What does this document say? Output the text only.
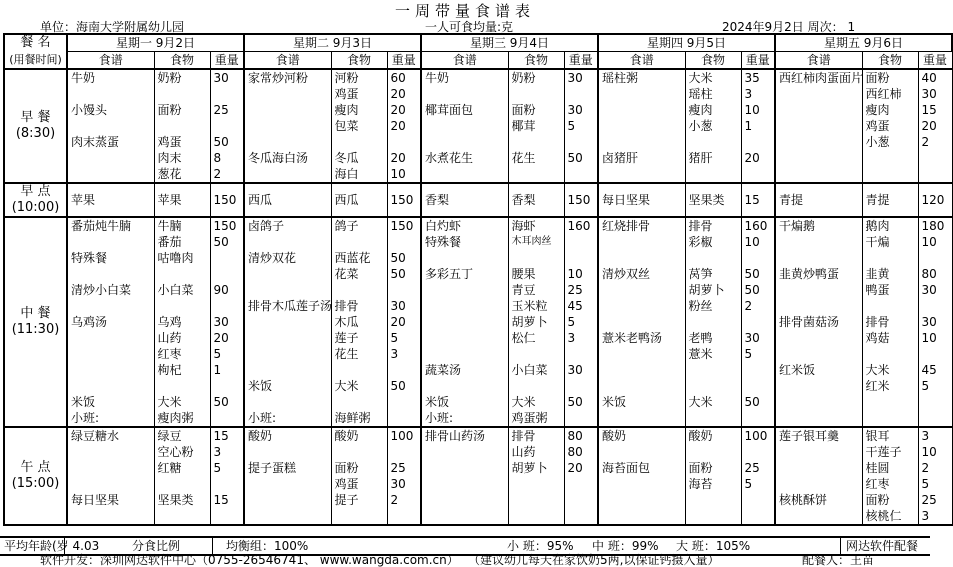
一周带量食谱表
单位：海南大学附属幼儿园	一人可食均量:克	2024年9月2日 周次： 1
餐 名	星期一 9月2日			星期二 9月3日			星期三 9月4日			星期四 9月5日			星期五 9月6日		
(用餐时间)	食谱	食物	重量	食谱	食物	重量	食谱	食物	重量	食谱	食物	重量	食谱	食物	重量

早 餐
(8:30)	牛奶	奶粉	30	家常炒河粉	河粉	60	牛奶	奶粉	30	瑶柱粥	大米	35	西红柿肉蛋面片	面粉	40
					鸡蛋	20					瑶柱	3		西红柿	30
	小馒头	面粉	25		瘦肉	20	椰茸面包	面粉	30		瘦肉	10		瘦肉	15
					包菜	20		椰茸	5		小葱	1		鸡蛋	20
	肉末蒸蛋	鸡蛋	50											小葱	2
		肉末	8	冬瓜海白汤	冬瓜	20	水煮花生	花生	50	卤猪肝	猪肝	20			
		葱花	2		海白	10									

早 点
(10:00)	苹果	苹果	150	西瓜	西瓜	150	香梨	香梨	150	每日坚果	坚果类	15	青提	青提	120

中 餐
(11:30)	番茄炖牛腩	牛腩	150	卤鸽子	鸽子	150	白灼虾	海虾	160	红烧排骨	排骨	160	干煸鹅	鹅肉	180
		番茄	50				特殊餐	木耳肉丝			彩椒	10		干煸	10
	特殊餐	咕噜肉		清炒双花	西蓝花	50									
					花菜	50	多彩五丁	腰果	10	清炒双丝	莴笋	50	韭黄炒鸭蛋	韭黄	80
	清炒小白菜	小白菜	90					青豆	25		胡萝卜	50		鸭蛋	30
				排骨木瓜莲子汤	排骨	30		玉米粒	45		粉丝	2			
	乌鸡汤	乌鸡	30		木瓜	20		胡萝卜	5				排骨菌菇汤	排骨	30
		山药	20		莲子	5		松仁	3	薏米老鸭汤	老鸭	30		鸡菇	10
		红枣	5		花生	3					薏米	5			
		枸杞	1				蔬菜汤	小白菜	30				红米饭	大米	45
				米饭	大米	50								红米	5
	米饭	大米	50				米饭	大米	50	米饭	大米	50			
	小班:	瘦肉粥		小班:	海鲜粥		小班:	鸡蛋粥							

午 点
(15:00)	绿豆糖水	绿豆	15	酸奶	酸奶	100	排骨山药汤	排骨	80	酸奶	酸奶	100	莲子银耳羹	银耳	3
		空心粉	3					山药	80					干莲子	10
		红糖	5	提子蛋糕	面粉	25		胡萝卜	20	海苔面包	面粉	25		桂圆	2
					鸡蛋	30					海苔	5		红枣	5
	每日坚果	坚果类	15		提子	2							核桃酥饼	面粉	25
														核桃仁	3
平均年龄(岁 4.03	分食比例	均衡组：100%	小 班：95% 中 班：99% 大 班：105%	网达软件配餐
软件开发：深圳网达软件中心（0755-26546741、 www.wangda.com.cn） （建议幼儿每天在家饮奶5两,以保证钙摄入量）	配餐人：王苗
